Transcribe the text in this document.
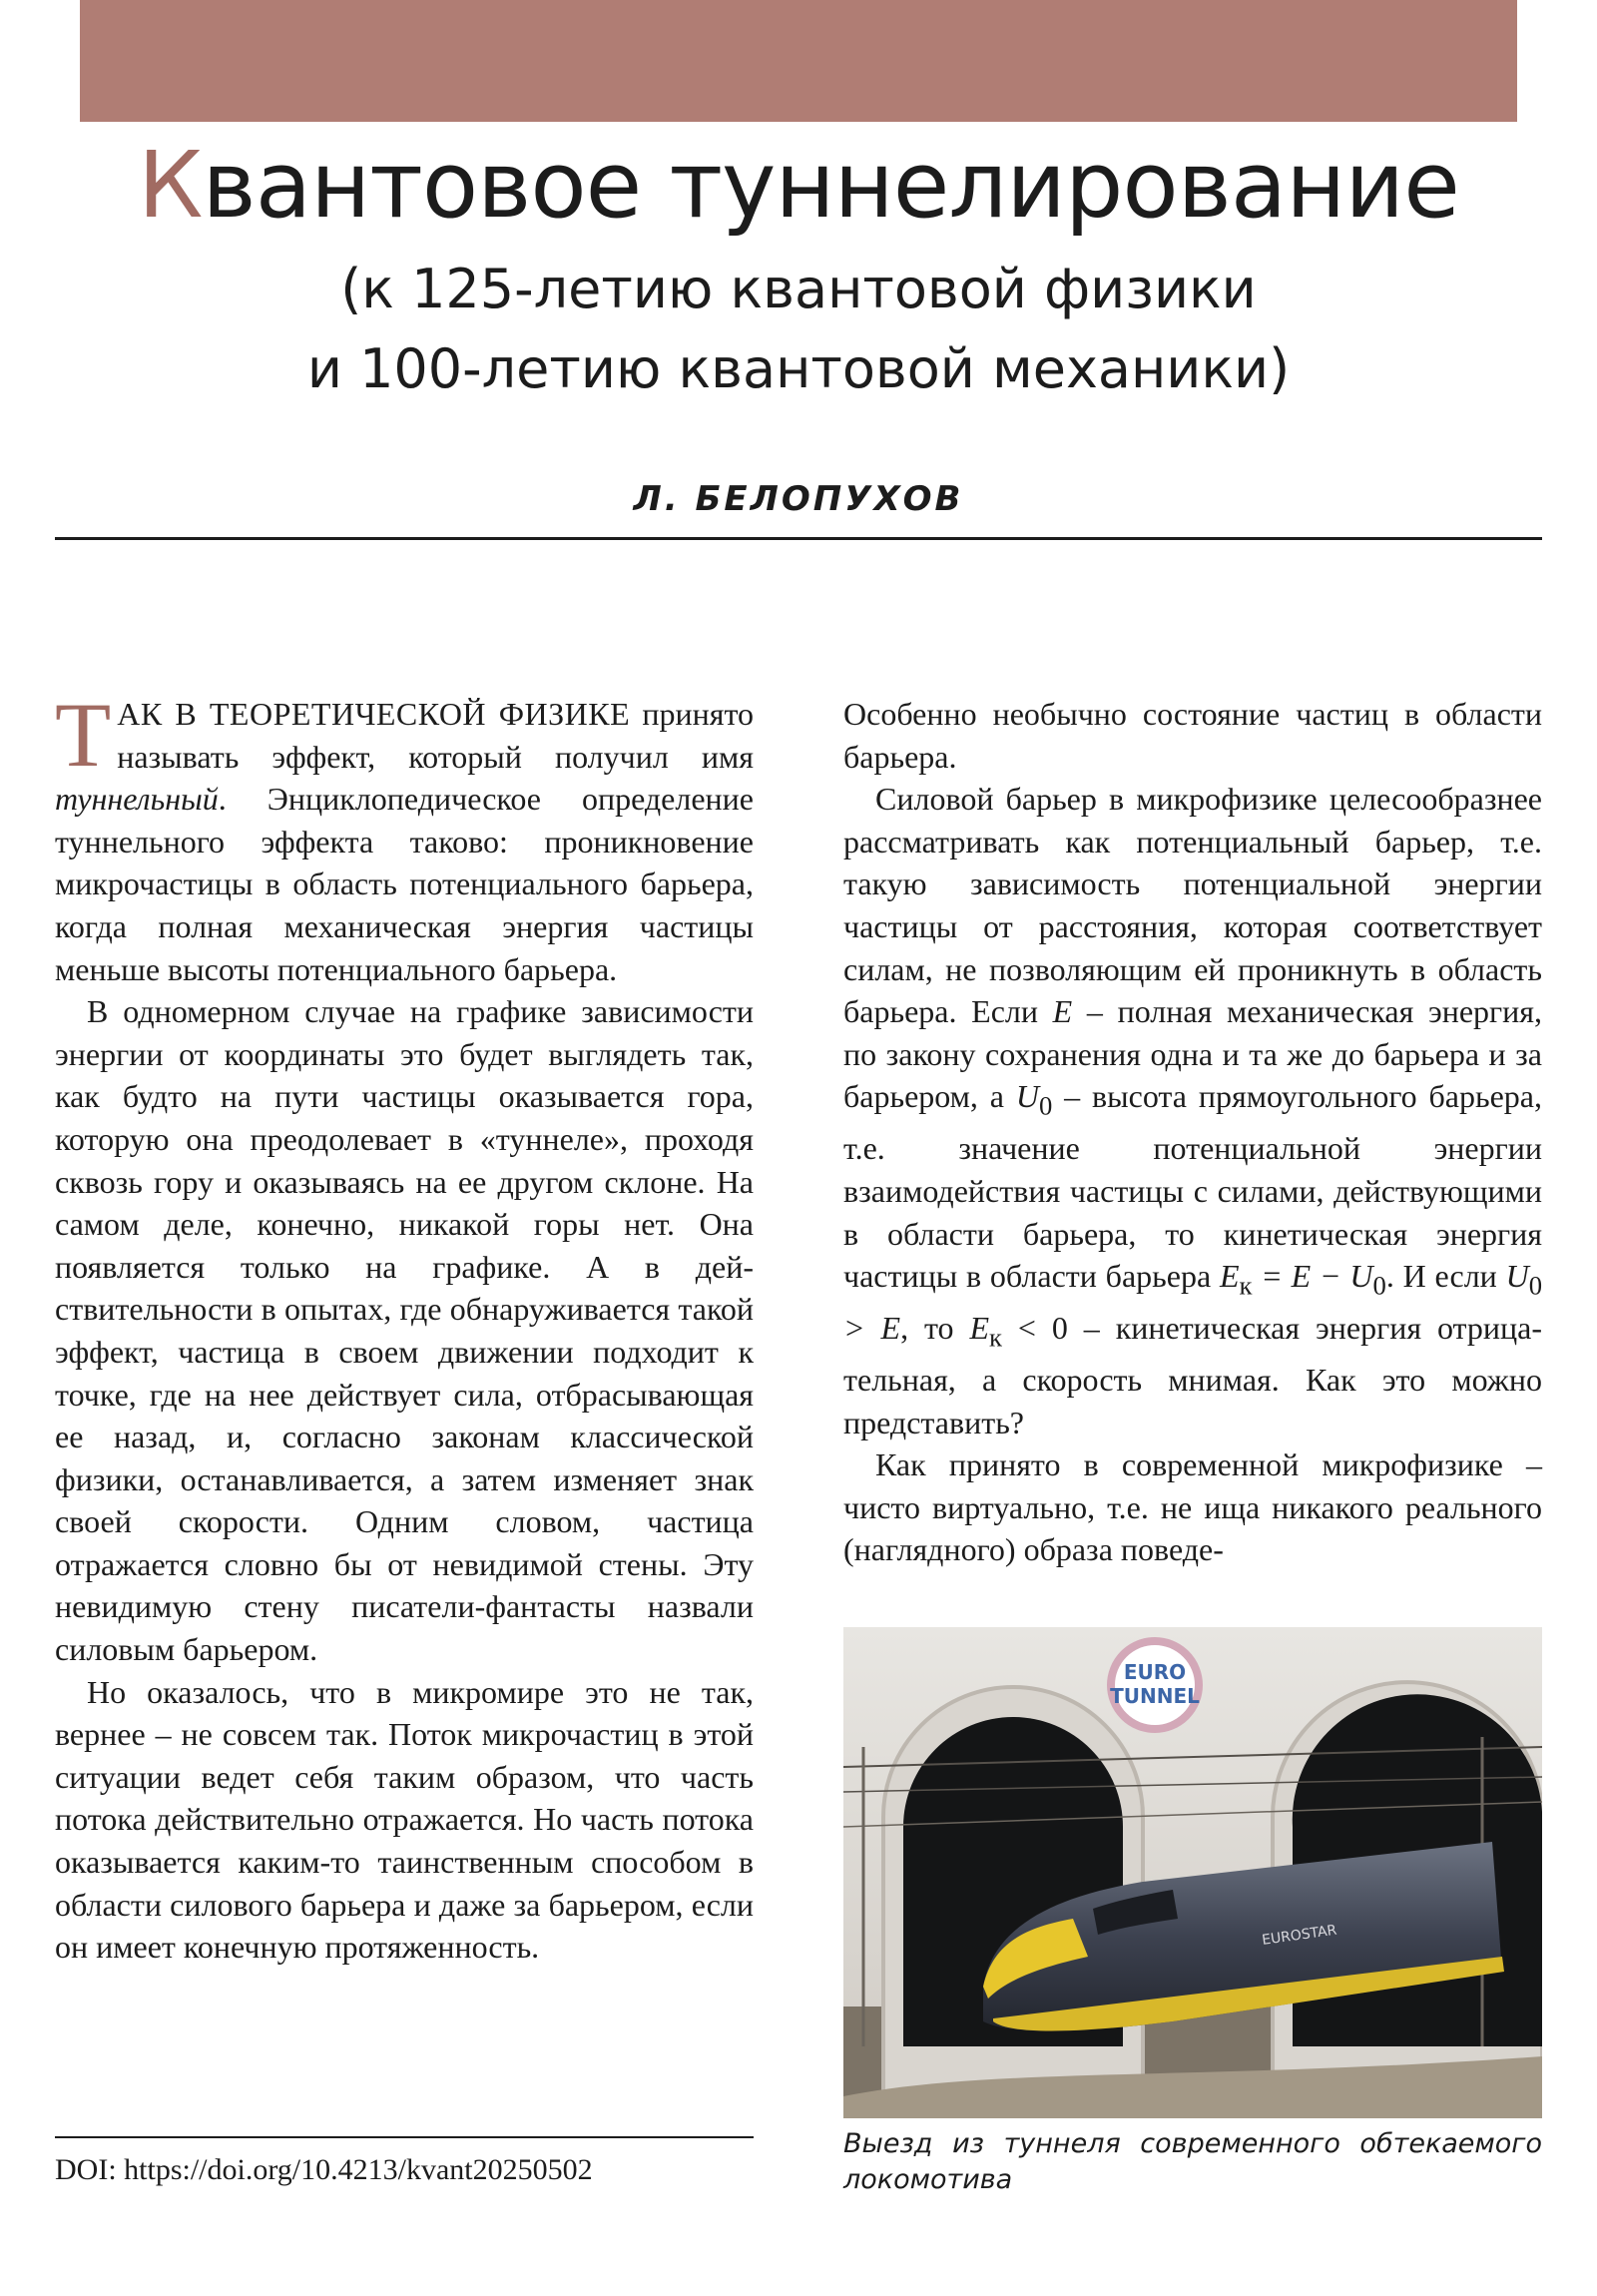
Квантовое туннелирование
(к 125-летию квантовой физики
и 100-летию квантовой механики)
Л. БЕЛОПУХОВ

ТАК В ТЕОРЕТИЧЕСКОЙ ФИЗИКЕ принято называть эффект, который получил имя туннельный. Энциклопедическое определение туннельного эффекта таково: проникновение микрочастицы в область потенциального барьера, когда полная механическая энергия частицы меньше высоты потенциального барьера.

В одномерном случае на графике зависимости энергии от координаты это будет выглядеть так, как будто на пути частицы оказывается гора, которую она преодолевает в «туннеле», проходя сквозь гору и оказываясь на ее другом склоне. На самом деле, конечно, никакой горы нет. Она появляется только на графике. А в действительности в опытах, где обнаруживается такой эффект, частица в своем движении подходит к точке, где на нее действует сила, отбрасывающая ее назад, и, согласно законам классической физики, останавливается, а затем изменяет знак своей скорости. Одним словом, частица отражается словно бы от невидимой стены. Эту невидимую стену писатели-фантасты назвали силовым барьером.

Но оказалось, что в микромире это не так, вернее – не совсем так. Поток микрочастиц в этой ситуации ведет себя таким образом, что часть потока действительно отражается. Но часть потока оказывается каким-то таинственным способом в области силового барьера и даже за барьером, если он имеет конечную протяженность.

Особенно необычно состояние частиц в области барьера.

Силовой барьер в микрофизике целесообразнее рассматривать как потенциальный барьер, т.е. такую зависимость потенциальной энергии частицы от расстояния, которая соответствует силам, не позволяющим ей проникнуть в область барьера. Если E – полная механическая энергия, по закону сохранения одна и та же до барьера и за барьером, а $U_0$ – высота прямоугольного барьера, т.е. значение потенциальной энергии взаимодействия частицы с силами, действующими в области барьера, то кинетическая энергия частицы в области барьера $E_к = E - U_0$. И если $U_0 > E$, то $E_к < 0$ – кинетическая энергия отрицательная, а скорость мнимая. Как это можно представить?

Как принято в современной микрофизике – чисто виртуально, т.е. не ища никакого реального (наглядного) образа поведе-

EURO
TUNNEL
EUROSTAR
Выезд из туннеля современного обтекаемого локомотива
DOI: https://doi.org/10.4213/kvant20250502
